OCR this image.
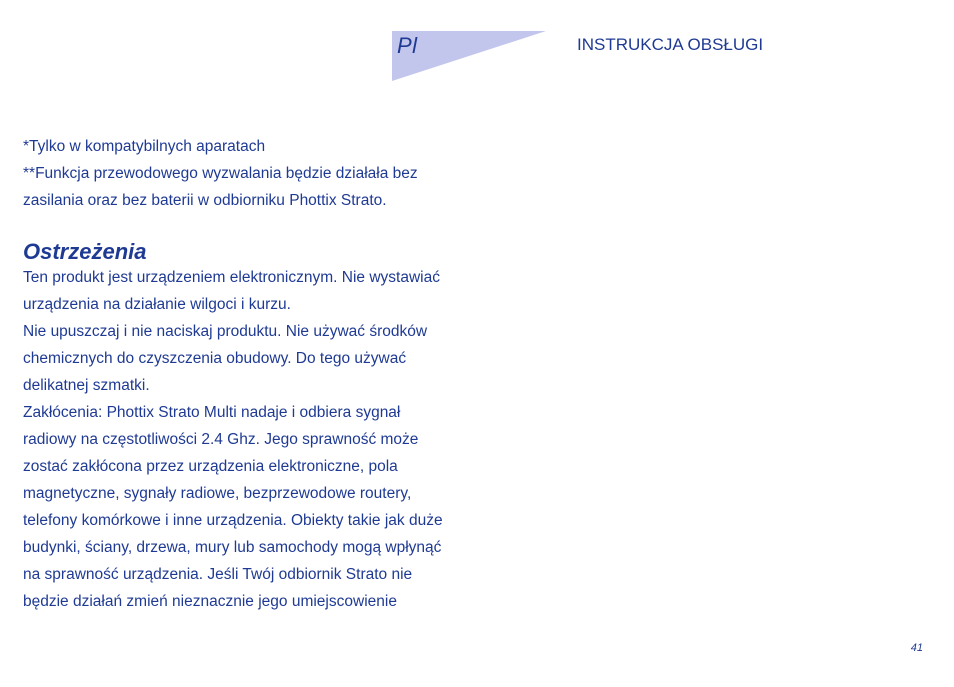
Pl	INSTRUKCJA OBSŁUGI
*Tylko w kompatybilnych aparatach
**Funkcja przewodowego wyzwalania będzie działała bez
zasilania oraz bez baterii w odbiorniku Phottix Strato.
Ostrzeżenia
Ten produkt jest urządzeniem elektronicznym. Nie wystawiać
urządzenia na działanie wilgoci i kurzu.
Nie upuszczaj i nie naciskaj produktu. Nie używać środków
chemicznych do czyszczenia obudowy. Do tego używać
delikatnej szmatki.
Zakłócenia: Phottix Strato Multi nadaje i odbiera sygnał
radiowy na częstotliwości 2.4 Ghz. Jego sprawność może
zostać zakłócona przez urządzenia elektroniczne, pola
magnetyczne, sygnały radiowe, bezprzewodowe routery,
telefony komórkowe i inne urządzenia. Obiekty takie jak duże
budynki, ściany, drzewa, mury lub samochody mogą wpłynąć
na sprawność urządzenia. Jeśli Twój odbiornik Strato nie
będzie działań zmień nieznacznie jego umiejscowienie
41
